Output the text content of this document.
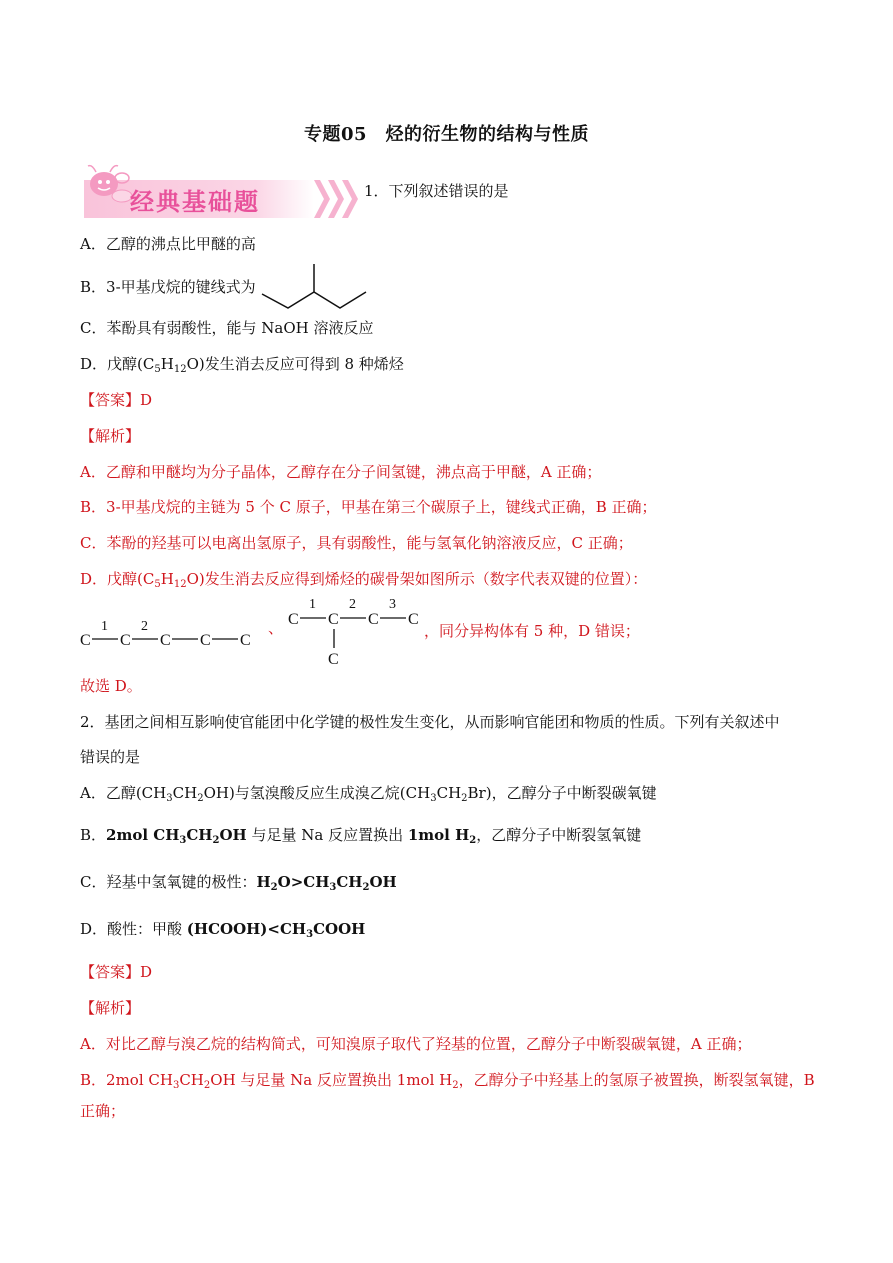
专题05　烃的衍生物的结构与性质
经典基础题	1．下列叙述错误的是
A．乙醇的沸点比甲醚的高
B．3-甲基戊烷的键线式为
C．苯酚具有弱酸性，能与 NaOH 溶液反应
D．戊醇$(C_5H_{12}O)$发生消去反应可得到 8 种烯烃
【答案】D
【解析】
A．乙醇和甲醚均为分子晶体，乙醇存在分子间氢键，沸点高于甲醚，A 正确；
B．3-甲基戊烷的主链为 5 个 C 原子，甲基在第三个碳原子上，键线式正确，B 正确；
C．苯酚的羟基可以电离出氢原子，具有弱酸性，能与氢氧化钠溶液反应，C 正确；
D．戊醇$(C_5H_{12}O)$发生消去反应得到烯烃的碳骨架如图所示（数字代表双键的位置）：
C C C C C
1 2	、 C C C C
C
1 2 3
，同分异构体有 5 种，D 错误；
故选 D。
2．基团之间相互影响使官能团中化学键的极性发生变化，从而影响官能团和物质的性质。下列有关叙述中
错误的是
A．乙醇$(CH_3CH_2OH)$与氢溴酸反应生成溴乙烷$(CH_3CH_2Br)$，乙醇分子中断裂碳氧键
B．2mol $CH_3CH_2OH$ 与足量 Na 反应置换出 1mol $H_2$，乙醇分子中断裂氢氧键
C．羟基中氢氧键的极性：$H_2O>CH_3CH_2OH$
D．酸性：甲酸 $(HCOOH)<CH_3COOH$
【答案】D
【解析】
A．对比乙醇与溴乙烷的结构简式，可知溴原子取代了羟基的位置，乙醇分子中断裂碳氧键，A 正确；
B．2mol $CH_3CH_2OH$ 与足量 Na 反应置换出 1mol $H_2$，乙醇分子中羟基上的氢原子被置换，断裂氢氧键，B
正确；
